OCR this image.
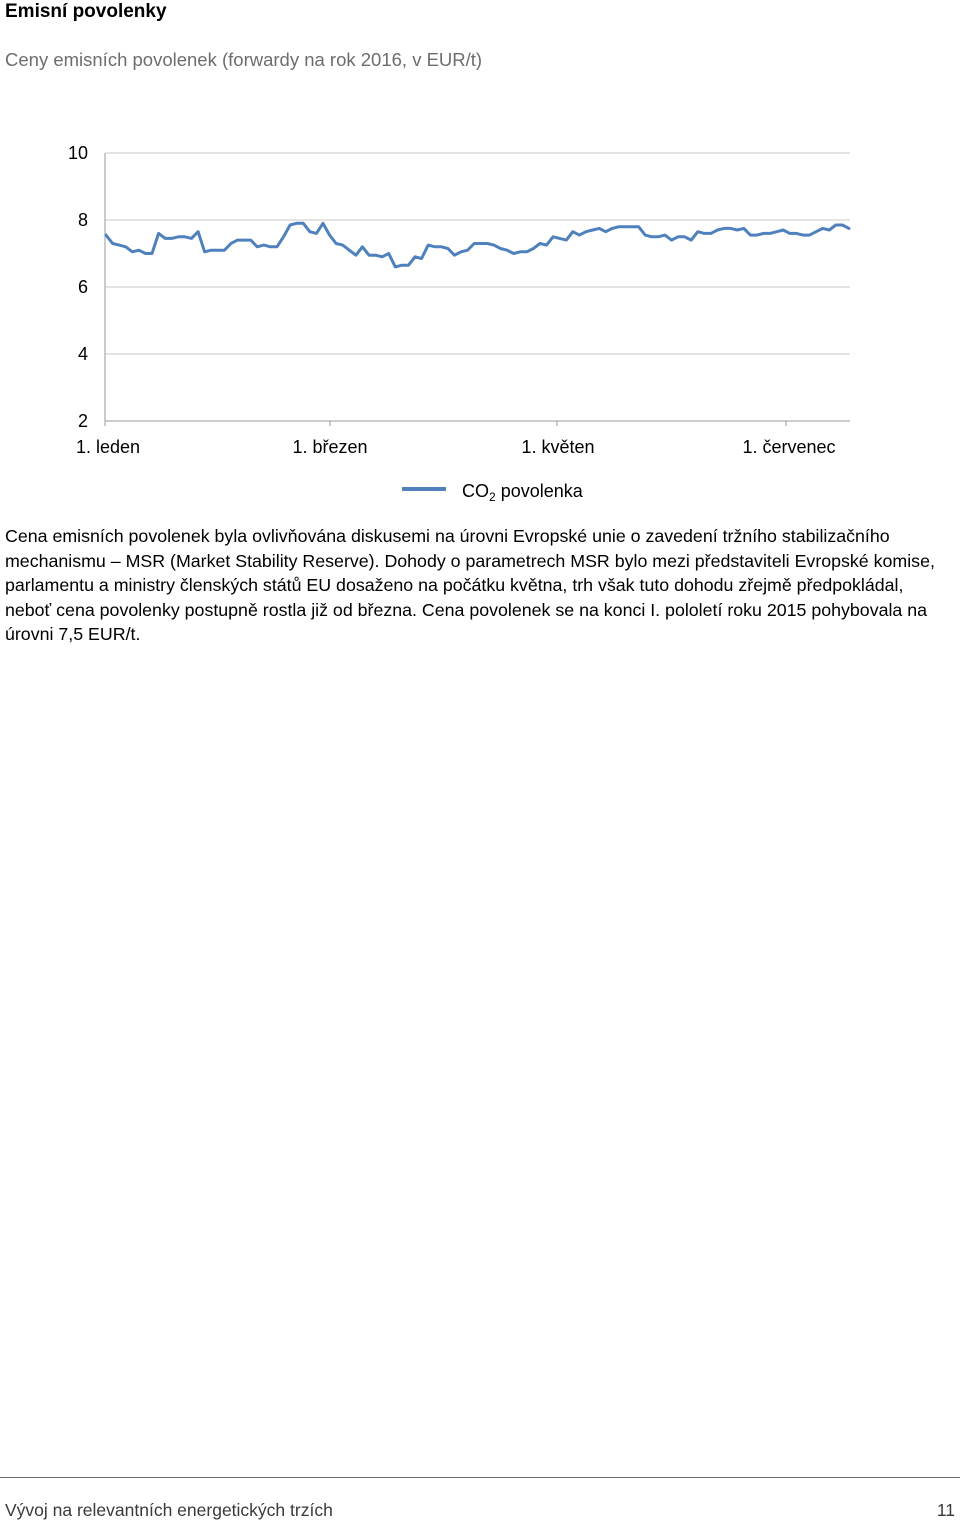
Emisní povolenky
Ceny emisních povolenek (forwardy na rok 2016, v EUR/t)
10
8
6
4
2
1. leden	1. březen	1. květen	1. červenec
$CO_2$ povolenka

Cena emisních povolenek byla ovlivňována diskusemi na úrovni Evropské unie o zavedení tržního stabilizačního mechanismu – MSR (Market Stability Reserve). Dohody o parametrech MSR bylo mezi představiteli Evropské komise, parlamentu a ministry členských států EU dosaženo na počátku května, trh však tuto dohodu zřejmě předpokládal, neboť cena povolenky postupně rostla již od března. Cena povolenek se na konci I. pololetí roku 2015 pohybovala na úrovni 7,5 EUR/t.

Vývoj na relevantních energetických trzích	11
